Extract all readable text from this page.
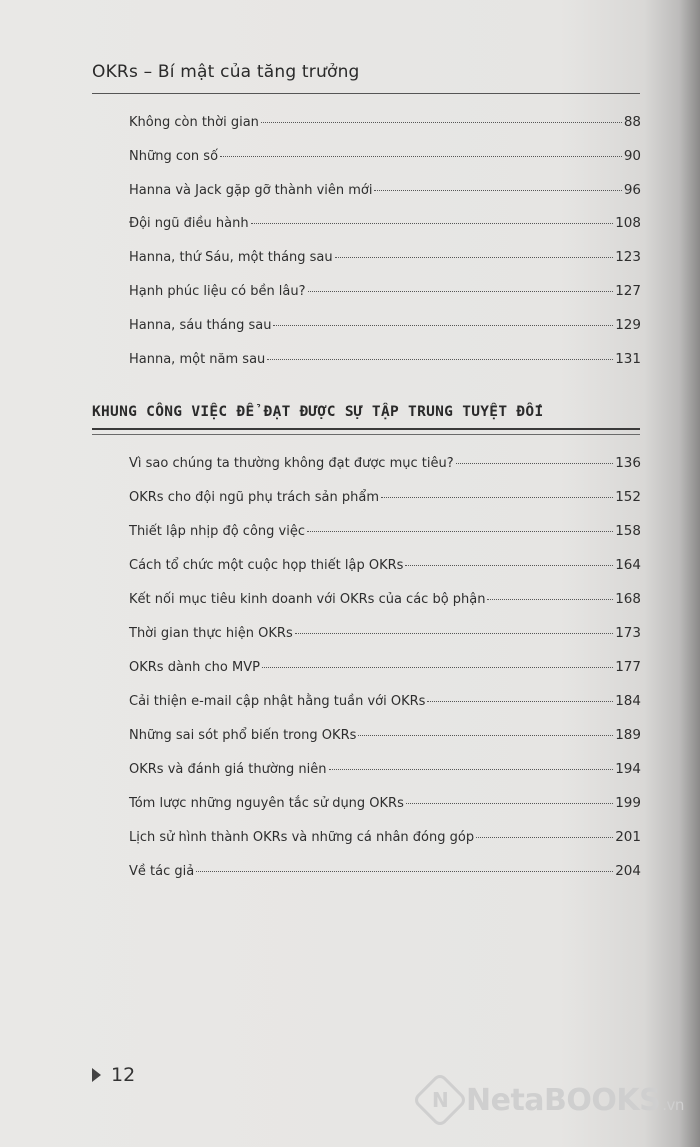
OKRs – Bí mật của tăng trưởng
Không còn thời gian	88
Những con số	90
Hanna và Jack gặp gỡ thành viên mới	96
Đội ngũ điều hành	108
Hanna, thứ Sáu, một tháng sau	123
Hạnh phúc liệu có bền lâu?	127
Hanna, sáu tháng sau	129
Hanna, một năm sau	131
KHUNG CÔNG VIỆC ĐỂ ĐẠT ĐƯỢC SỰ TẬP TRUNG TUYỆT ĐỐI
Vì sao chúng ta thường không đạt được mục tiêu?	136
OKRs cho đội ngũ phụ trách sản phẩm	152
Thiết lập nhịp độ công việc	158
Cách tổ chức một cuộc họp thiết lập OKRs	164
Kết nối mục tiêu kinh doanh với OKRs của các bộ phận	168
Thời gian thực hiện OKRs	173
OKRs dành cho MVP	177
Cải thiện e-mail cập nhật hằng tuần với OKRs	184
Những sai sót phổ biến trong OKRs	189
OKRs và đánh giá thường niên	194
Tóm lược những nguyên tắc sử dụng OKRs	199
Lịch sử hình thành OKRs và những cá nhân đóng góp	201
Về tác giả	204
12
N NetaBOOKS .vn
